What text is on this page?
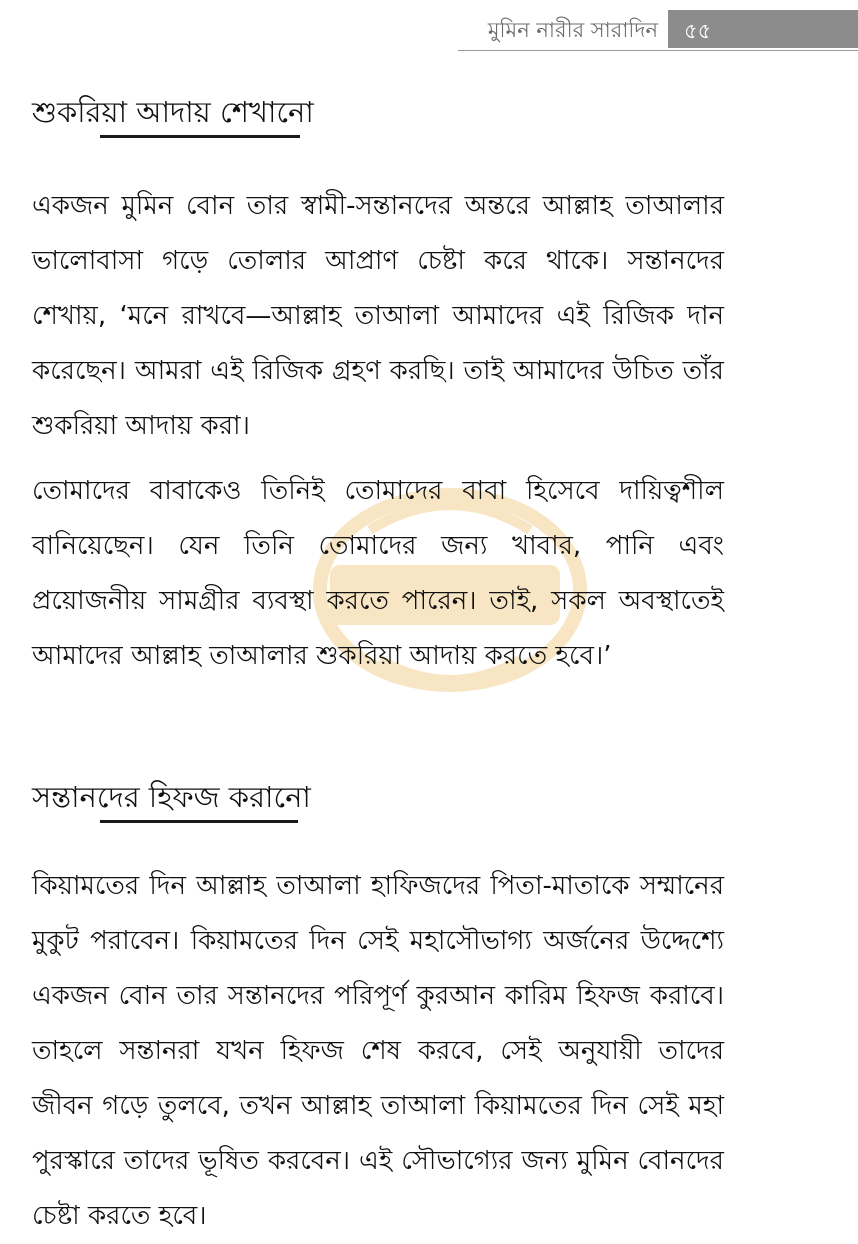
মুমিন নারীর সারাদিন ৫৫
শুকরিয়া আদায় শেখানো

একজন মুমিন বোন তার স্বামী-সন্তানদের অন্তরে আল্লাহ তাআলার ভালোবাসা গড়ে তোলার আপ্রাণ চেষ্টা করে থাকে। সন্তানদের শেখায়, ‘মনে রাখবে—আল্লাহ তাআলা আমাদের এই রিজিক দান করেছেন। আমরা এই রিজিক গ্রহণ করছি। তাই আমাদের উচিত তাঁর শুকরিয়া আদায় করা।

তোমাদের বাবাকেও তিনিই তোমাদের বাবা হিসেবে দায়িত্বশীল বানিয়েছেন। যেন তিনি তোমাদের জন্য খাবার, পানি এবং প্রয়োজনীয় সামগ্রীর ব্যবস্থা করতে পারেন। তাই, সকল অবস্থাতেই আমাদের আল্লাহ তাআলার শুকরিয়া আদায় করতে হবে।’

সন্তানদের হিফজ করানো

কিয়ামতের দিন আল্লাহ তাআলা হাফিজদের পিতা-মাতাকে সম্মানের মুকুট পরাবেন। কিয়ামতের দিন সেই মহাসৌভাগ্য অর্জনের উদ্দেশ্যে একজন বোন তার সন্তানদের পরিপূর্ণ কুরআন কারিম হিফজ করাবে। তাহলে সন্তানরা যখন হিফজ শেষ করবে, সেই অনুযায়ী তাদের জীবন গড়ে তুলবে, তখন আল্লাহ তাআলা কিয়ামতের দিন সেই মহা পুরস্কারে তাদের ভূষিত করবেন। এই সৌভাগ্যের জন্য মুমিন বোনদের চেষ্টা করতে হবে।
